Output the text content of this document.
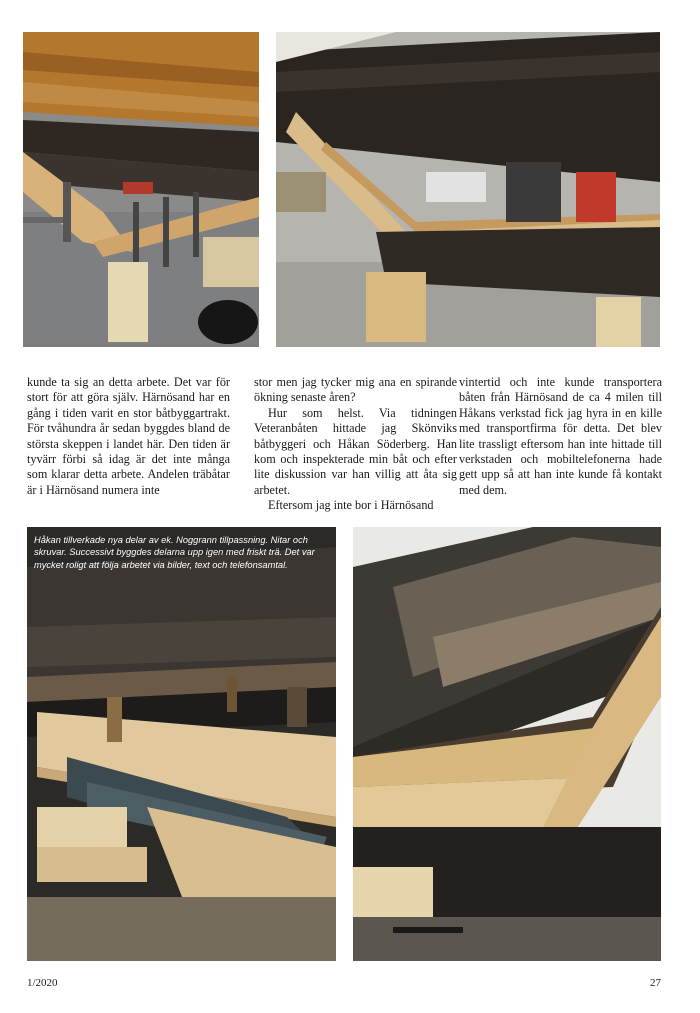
kunde ta sig an detta arbete. Det var för stort för att göra själv. Härnösand har en gång i tiden varit en stor båtbyggartrakt. För tvåhundra år sedan byggdes bland de största skeppen i landet här. Den tiden är tyvärr förbi så idag är det inte många som klarar detta arbete. Andelen träbåtar är i Härnösand numera inte

stor men jag tycker mig ana en spirande ökning senaste åren?

Hur som helst. Via tidningen Veteranbåten hittade jag Skönviks båtbyggeri och Håkan Söderberg. Han kom och inspekterade min båt och efter lite diskussion var han villig att åta sig arbetet.

Eftersom jag inte bor i Härnösand

vintertid och inte kunde transportera båten från Härnösand de ca 4 milen till Håkans verkstad fick jag hyra in en kille med transportfirma för detta. Det blev lite trassligt eftersom han inte hittade till verkstaden och mobiltelefonerna hade gett upp så att han inte kunde få kontakt med dem.

Håkan tillverkade nya delar av ek. Noggrann tillpassning. Nitar och skruvar. Successivt byggdes delarna upp igen med friskt trä. Det var mycket roligt att följa arbetet via bilder, text och telefonsamtal.
1/2020	27
